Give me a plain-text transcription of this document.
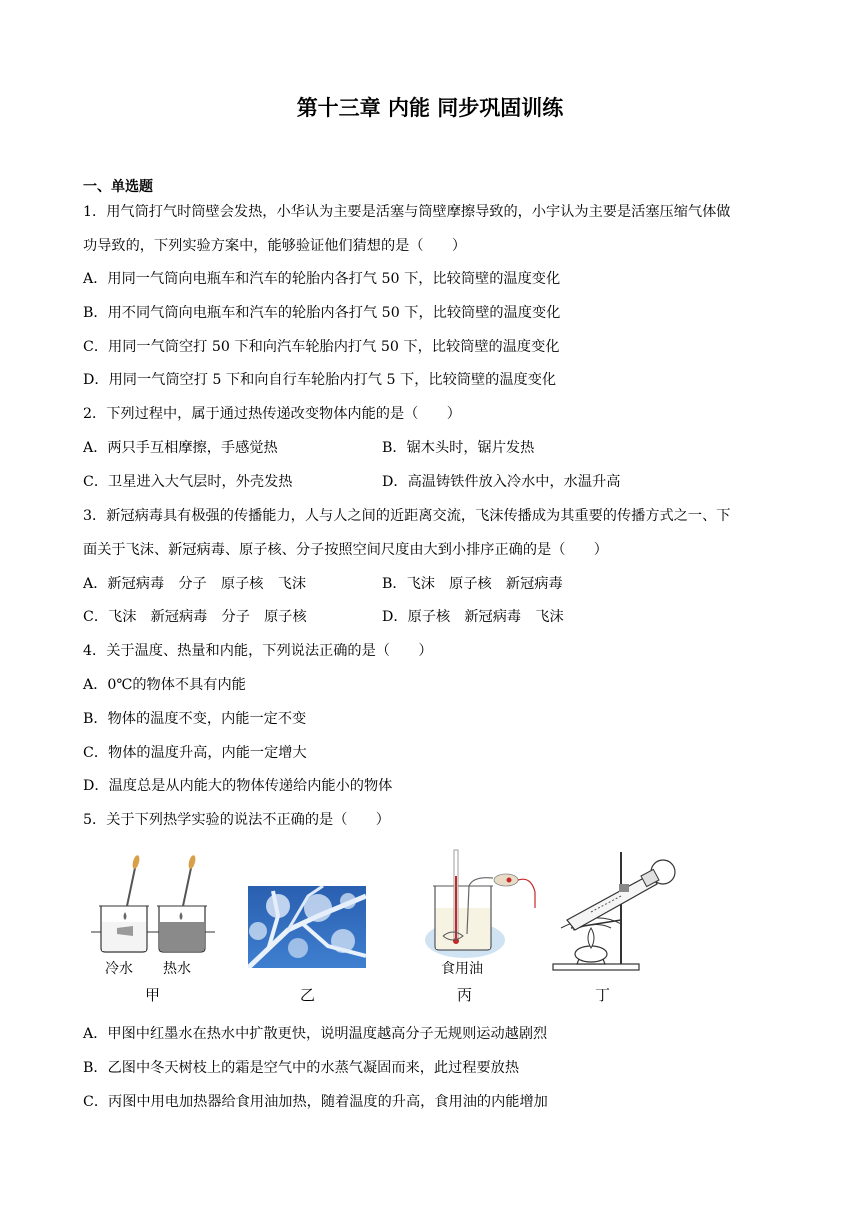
第十三章 内能 同步巩固训练
一、单选题
1．用气筒打气时筒壁会发热，小华认为主要是活塞与筒壁摩擦导致的，小宇认为主要是活塞压缩气体做
功导致的，下列实验方案中，能够验证他们猜想的是（　　）
A．用同一气筒向电瓶车和汽车的轮胎内各打气 50 下，比较筒壁的温度变化
B．用不同气筒向电瓶车和汽车的轮胎内各打气 50 下，比较筒壁的温度变化
C．用同一气筒空打 50 下和向汽车轮胎内打气 50 下，比较筒壁的温度变化
D．用同一气筒空打 5 下和向自行车轮胎内打气 5 下，比较筒壁的温度变化
2．下列过程中，属于通过热传递改变物体内能的是（　　）
A．两只手互相摩擦，手感觉热	B．锯木头时，锯片发热
C．卫星进入大气层时，外壳发热	D．高温铸铁件放入冷水中，水温升高
3．新冠病毒具有极强的传播能力，人与人之间的近距离交流，飞沫传播成为其重要的传播方式之一、下
面关于飞沫、新冠病毒、原子核、分子按照空间尺度由大到小排序正确的是（　　）
A．新冠病毒　分子　原子核　飞沫	B．飞沫　原子核　新冠病毒
C．飞沫　新冠病毒　分子　原子核	D．原子核　新冠病毒　飞沫
4．关于温度、热量和内能，下列说法正确的是（　　）
A．0℃的物体不具有内能
B．物体的温度不变，内能一定不变
C．物体的温度升高，内能一定增大
D．温度总是从内能大的物体传递给内能小的物体
5．关于下列热学实验的说法不正确的是（　　）
冷水 热水
甲	乙
食用油
丙	丁
A．甲图中红墨水在热水中扩散更快，说明温度越高分子无规则运动越剧烈
B．乙图中冬天树枝上的霜是空气中的水蒸气凝固而来，此过程要放热
C．丙图中用电加热器给食用油加热，随着温度的升高，食用油的内能增加
